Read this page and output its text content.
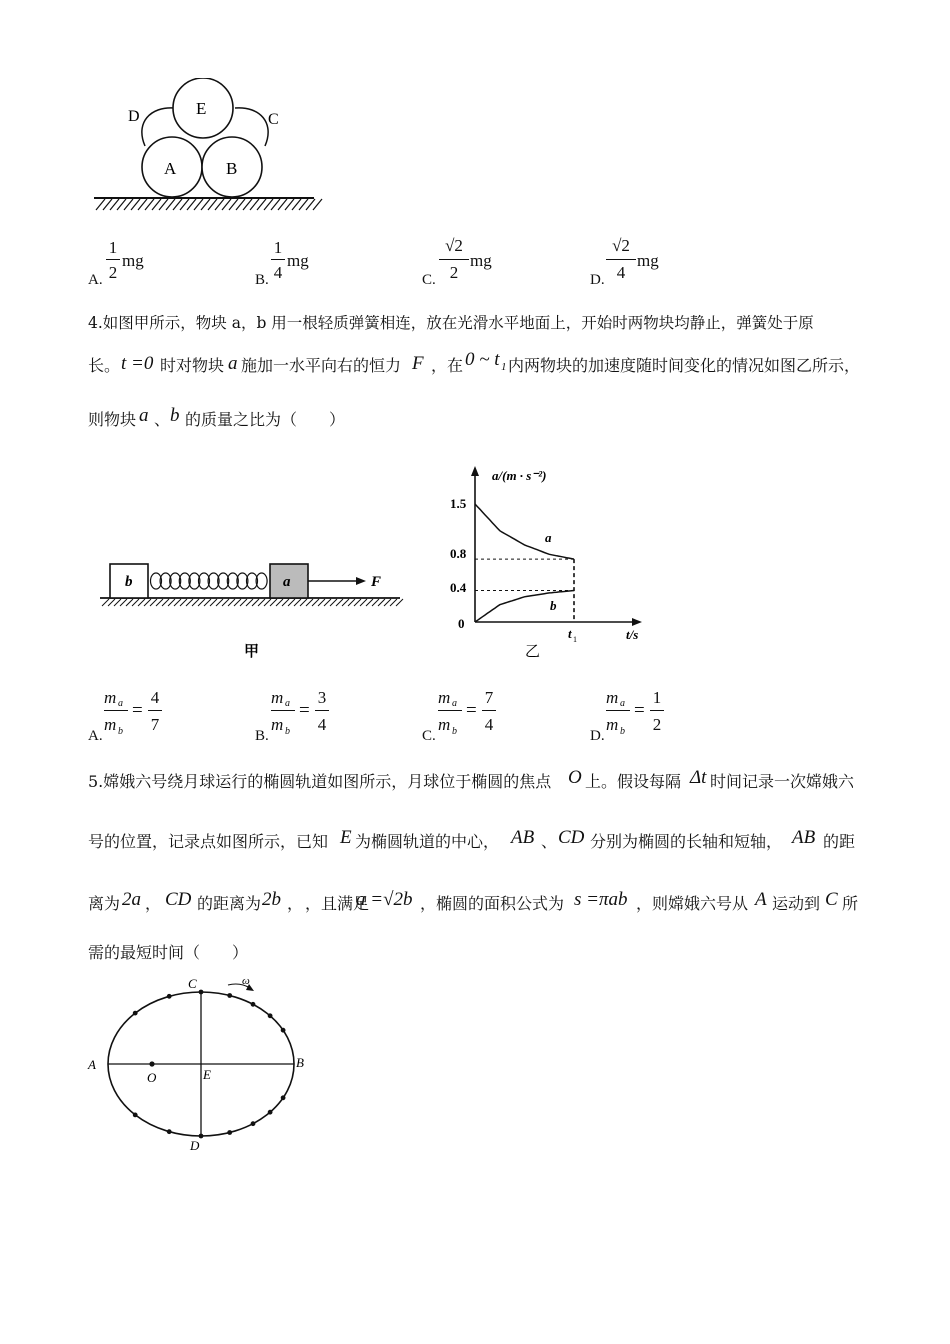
D	E
C
A	B
A.
1
2
mg
B.
1
4
mg
C.
√2
2
mg
D.
√2
4
mg
4.如图甲所示，物块 a，b 用一根轻质弹簧相连，放在光滑水平地面上，开始时两物块均静止，弹簧处于原
长。 t =0 时对物块 a 施加一水平向右的恒力 F ，在 0 ~ t 1 内两物块的加速度随时间变化的情况如图乙所示，
则物块 a 、 b 的质量之比为（　　）
b	a	F
甲
a/(m · s⁻²)
t/s
1.5
0.8
0.4
0
a
b
t 1
乙
A.
m a
m b
=
4
7
B.
m a
m b
=
3
4
C.
m a
m b
=
7
4
D.
m a
m b
=
1
2
5.嫦娥六号绕月球运行的椭圆轨道如图所示，月球位于椭圆的焦点 O 上。假设每隔 Δt 时间记录一次嫦娥六
号的位置，记录点如图所示，已知 E 为椭圆轨道的中心， AB 、 CD 分别为椭圆的长轴和短轴， AB 的距
离为 2a ， CD 的距离为 2b ， ，且满足
a =√2b ，椭圆的面积公式为 s =πab ，则嫦娥六号从 A 运动到 C 所
需的最短时间（　　）
ω
C
D
A	B
O	E
